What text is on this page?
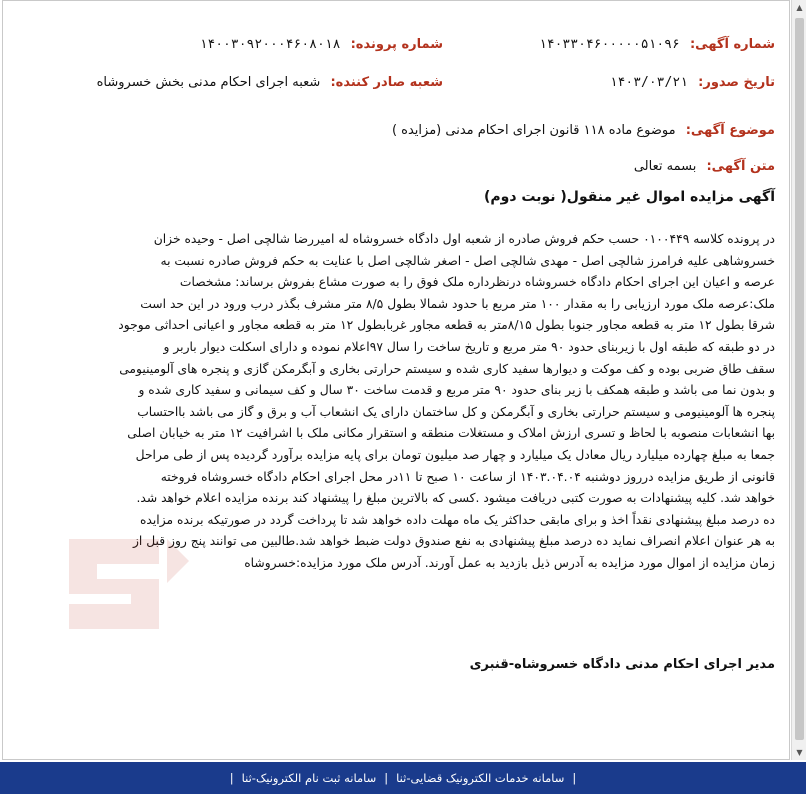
شماره آگهی: ۱۴۰۳۳۰۴۶۰۰۰۰۰۵۱۰۹۶
شماره پرونده: ۱۴۰۰۳۰۹۲۰۰۰۴۶۰۸۰۱۸
تاریخ صدور: ۱۴۰۳/۰۳/۲۱
شعبه صادر کننده: شعبه اجرای احکام مدنی بخش خسروشاه
موضوع آگهی: موضوع ماده ۱۱۸ قانون اجرای احکام مدنی (مزایده )
متن آگهی: بسمه تعالی
آگهی مزایده اموال غیر منقول( نوبت دوم)
در پرونده کلاسه ۰۱۰۰۴۴۹ حسب حکم فروش صادره از شعبه اول دادگاه خسروشاه له امیررضا شالچی اصل - وحیده خزان
خسروشاهی علیه فرامرز شالچی اصل - مهدی شالچی اصل - اصغر شالچی اصل با عنایت به حکم فروش صادره نسبت به
عرصه و اعیان این اجرای احکام دادگاه خسروشاه درنظرداره ملک فوق را به صورت مشاع بفروش برساند: مشخصات
ملک:عرصه ملک مورد ارزیابی را به مقدار ۱۰۰ متر مربع با حدود شمالا بطول ۸/۵ متر مشرف بگذر درب ورود در این حد است
شرقا بطول ۱۲ متر به قطعه مجاور جنوبا بطول ۸/۱۵متر به قطعه مجاور غربابطول ۱۲ متر به قطعه مجاور و اعیانی احداثی موجود
در دو طبقه که طبقه اول با زیربنای حدود ۹۰ متر مربع و تاریخ ساخت را سال ۹۷اعلام نموده و دارای اسکلت دیوار باربر و
سقف طاق ضربی بوده و کف موکت و دیوارها سفید کاری شده و سیستم حرارتی بخاری و آبگرمکن گازی و پنجره های آلومینیومی
و بدون نما می باشد و طبقه همکف با زیر بنای حدود ۹۰ متر مربع و قدمت ساخت ۳۰ سال و کف سیمانی و سفید کاری شده و
پنجره ها آلومینیومی و سیستم حرارتی بخاری و آبگرمکن و کل ساختمان دارای یک انشعاب آب و برق و گاز می باشد بااحتساب
بها انشعابات منصوبه با لحاظ و تسری ارزش املاک و مستغلات منطقه و استقرار مکانی ملک با اشرافیت ۱۲ متر به خیابان اصلی
جمعا به مبلغ چهارده میلیارد ریال معادل یک میلیارد و چهار صد میلیون تومان برای پایه مزایده برآورد گردیده پس از طی مراحل
قانونی از طریق مزایده درروز دوشنبه ۱۴۰۳.۰۴.۰۴ از ساعت ۱۰ صبح تا ۱۱در محل اجرای احکام دادگاه خسروشاه فروخته
خواهد شد. کلیه پیشنهادات به صورت کتبی دریافت میشود .کسی که بالاترین مبلغ را پیشنهاد کند برنده مزایده اعلام خواهد شد.
ده درصد مبلغ پیشنهادی نقداً اخذ و برای مابقی حداکثر یک ماه مهلت داده خواهد شد تا پرداخت گردد در صورتیکه برنده مزایده
به هر عنوان اعلام انصراف نماید ده درصد مبلغ پیشنهادی به نفع صندوق دولت ضبط خواهد شد.طالبین می توانند پنج روز قبل از
زمان مزایده از اموال مورد مزایده به آدرس ذیل بازدید به عمل آورند. آدرس ملک مورد مزایده:خسروشاه
مدیر اجرای احکام مدنی دادگاه خسروشاه-قنبری
▲
▼
|
سامانه خدمات الکترونیک قضایی-ثنا
|
سامانه ثبت نام الکترونیک-ثنا
|
